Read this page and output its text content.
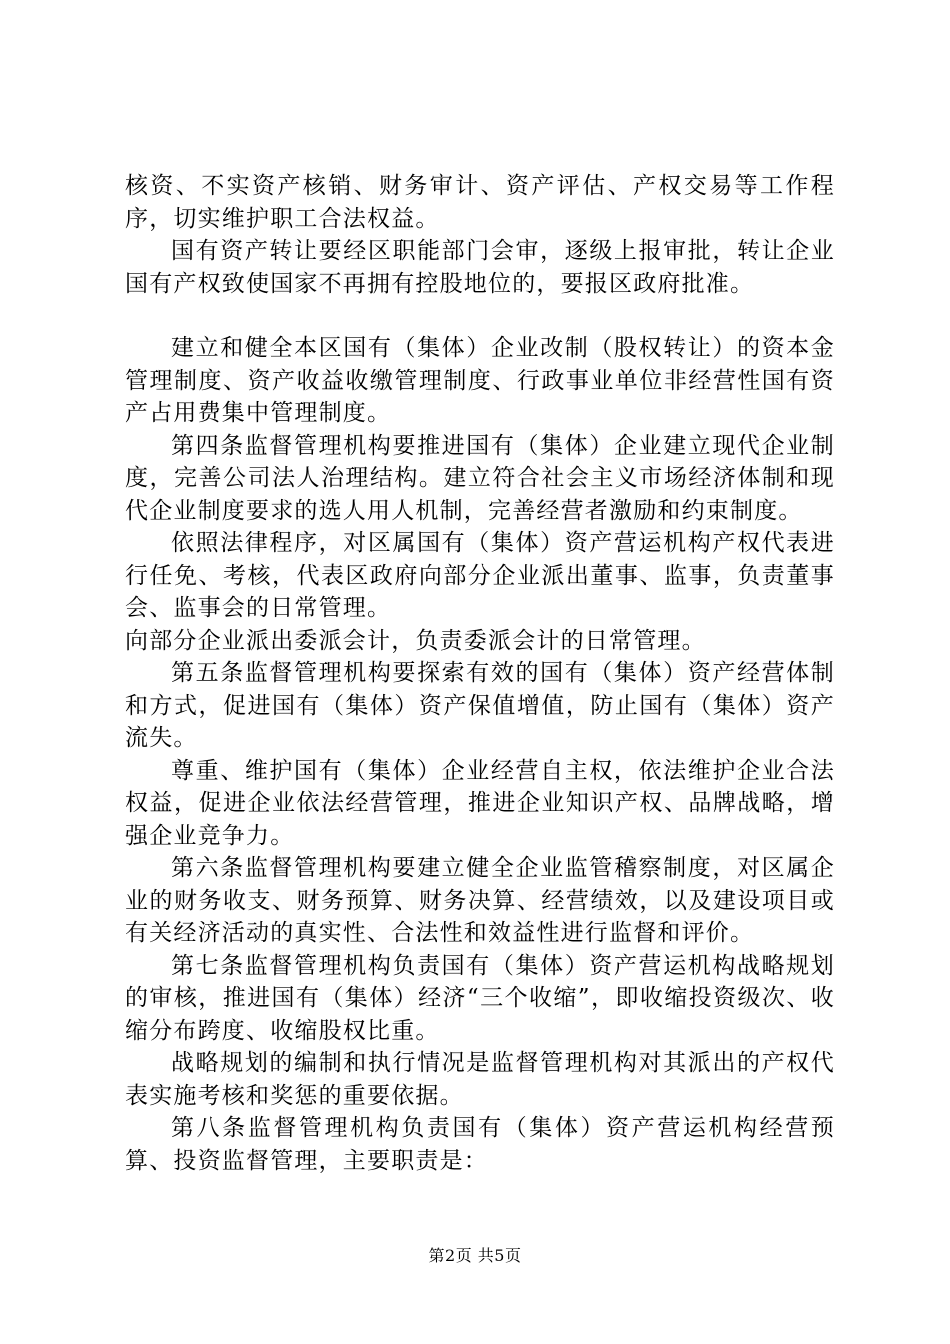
核资、不实资产核销、财务审计、资产评估、产权交易等工作程序，切实维护职工合法权益。

国有资产转让要经区职能部门会审，逐级上报审批，转让企业国有产权致使国家不再拥有控股地位的，要报区政府批准。

建立和健全本区国有（集体）企业改制（股权转让）的资本金管理制度、资产收益收缴管理制度、行政事业单位非经营性国有资产占用费集中管理制度。

第四条监督管理机构要推进国有（集体）企业建立现代企业制度，完善公司法人治理结构。建立符合社会主义市场经济体制和现代企业制度要求的选人用人机制，完善经营者激励和约束制度。

依照法律程序，对区属国有（集体）资产营运机构产权代表进行任免、考核，代表区政府向部分企业派出董事、监事，负责董事会、监事会的日常管理。

向部分企业派出委派会计，负责委派会计的日常管理。

第五条监督管理机构要探索有效的国有（集体）资产经营体制和方式，促进国有（集体）资产保值增值，防止国有（集体）资产流失。

尊重、维护国有（集体）企业经营自主权，依法维护企业合法权益，促进企业依法经营管理，推进企业知识产权、品牌战略，增强企业竞争力。

第六条监督管理机构要建立健全企业监管稽察制度，对区属企业的财务收支、财务预算、财务决算、经营绩效，以及建设项目或有关经济活动的真实性、合法性和效益性进行监督和评价。

第七条监督管理机构负责国有（集体）资产营运机构战略规划的审核，推进国有（集体）经济“三个收缩”，即收缩投资级次、收缩分布跨度、收缩股权比重。

战略规划的编制和执行情况是监督管理机构对其派出的产权代表实施考核和奖惩的重要依据。

第八条监督管理机构负责国有（集体）资产营运机构经营预算、投资监督管理，主要职责是：

第2页 共5页
